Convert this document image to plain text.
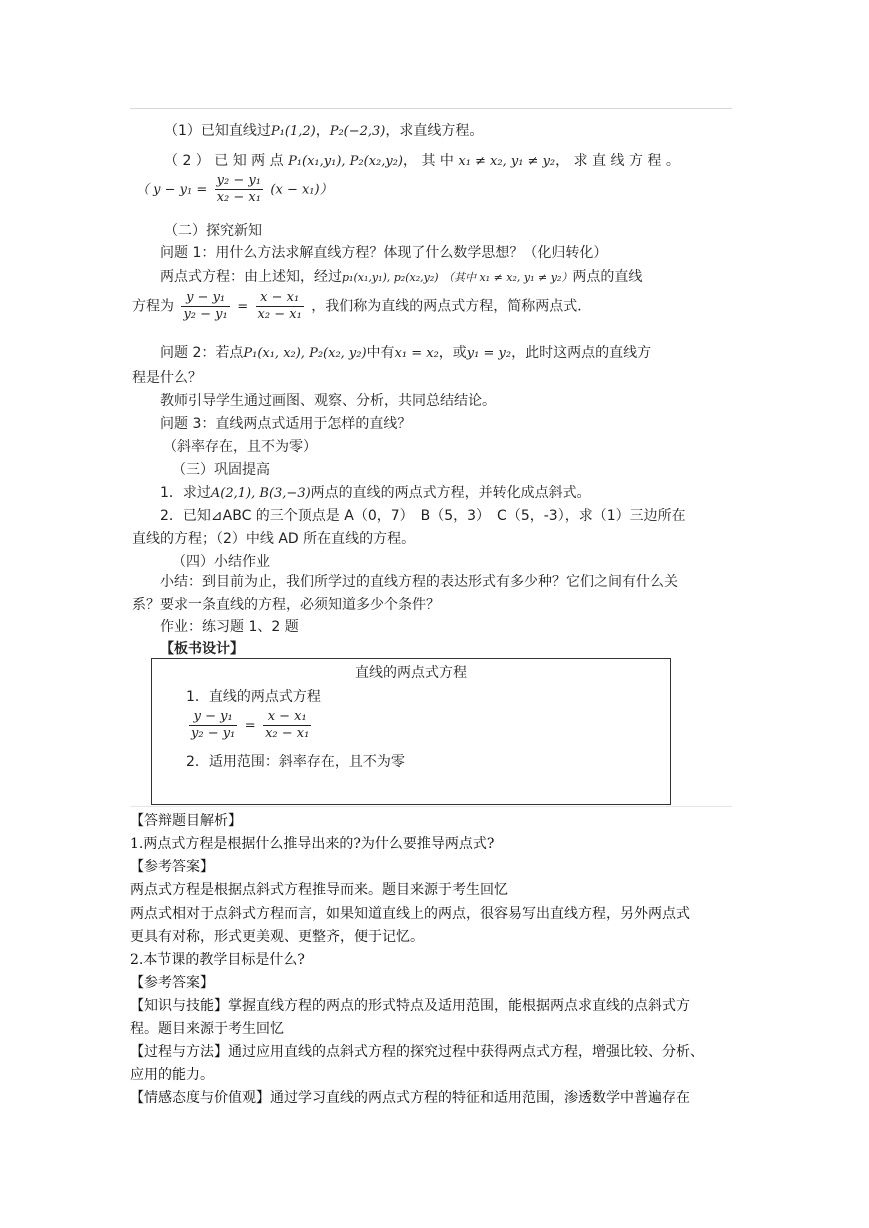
（1）已知直线过P₁(1,2)，P₂(−2,3)，求直线方程。
（ 2 ） 已 知 两 点 P₁(x₁,y₁), P₂(x₂,y₂)， 其 中 x₁ ≠ x₂, y₁ ≠ y₂， 求 直 线 方 程 。
（ $y - y_1 = \frac{\text{y₂ − y₁}}{\text{x₂ − x₁}} (x - x_1)$）
（二）探究新知
问题 1：用什么方法求解直线方程？体现了什么数学思想？（化归转化）
两点式方程：由上述知，经过p₁(x₁,y₁), p₂(x₂,y₂) （其中 x₁ ≠ x₂, y₁ ≠ y₂）两点的直线
方程为 $\frac{\text{y − y₁}}{\text{y₂ − y₁}} = \frac{\text{x − x₁}}{\text{x₂ − x₁}}$ ，我们称为直线的两点式方程，简称两点式．
问题 2：若点P₁(x₁, x₂), P₂(x₂, y₂)中有x₁ = x₂，或y₁ = y₂，此时这两点的直线方
程是什么？
教师引导学生通过画图、观察、分析，共同总结结论。
问题 3：直线两点式适用于怎样的直线？
（斜率存在，且不为零）
（三）巩固提高
1．求过A(2,1), B(3,−3)两点的直线的两点式方程，并转化成点斜式。
2．已知⊿ABC 的三个顶点是 A（0，7）　B（5，3）　C（5，-3），求（1）三边所在
直线的方程；（2）中线 AD 所在直线的方程。
（四）小结作业
小结：到目前为止，我们所学过的直线方程的表达形式有多少种？它们之间有什么关
系？要求一条直线的方程，必须知道多少个条件？
作业：练习题 1、2 题
【板书设计】
直线的两点式方程
1．直线的两点式方程
$\frac{\text{y − y₁}}{\text{y₂ − y₁}} = \frac{\text{x − x₁}}{\text{x₂ − x₁}}$
2．适用范围：斜率存在，且不为零
【答辩题目解析】
1.两点式方程是根据什么推导出来的?为什么要推导两点式?
【参考答案】
两点式方程是根据点斜式方程推导而来。题目来源于考生回忆
两点式相对于点斜式方程而言，如果知道直线上的两点，很容易写出直线方程，另外两点式
更具有对称，形式更美观、更整齐，便于记忆。
2.本节课的教学目标是什么?
【参考答案】
【知识与技能】掌握直线方程的两点的形式特点及适用范围，能根据两点求直线的点斜式方
程。题目来源于考生回忆
【过程与方法】通过应用直线的点斜式方程的探究过程中获得两点式方程，增强比较、分析、
应用的能力。
【情感态度与价值观】通过学习直线的两点式方程的特征和适用范围，渗透数学中普遍存在
